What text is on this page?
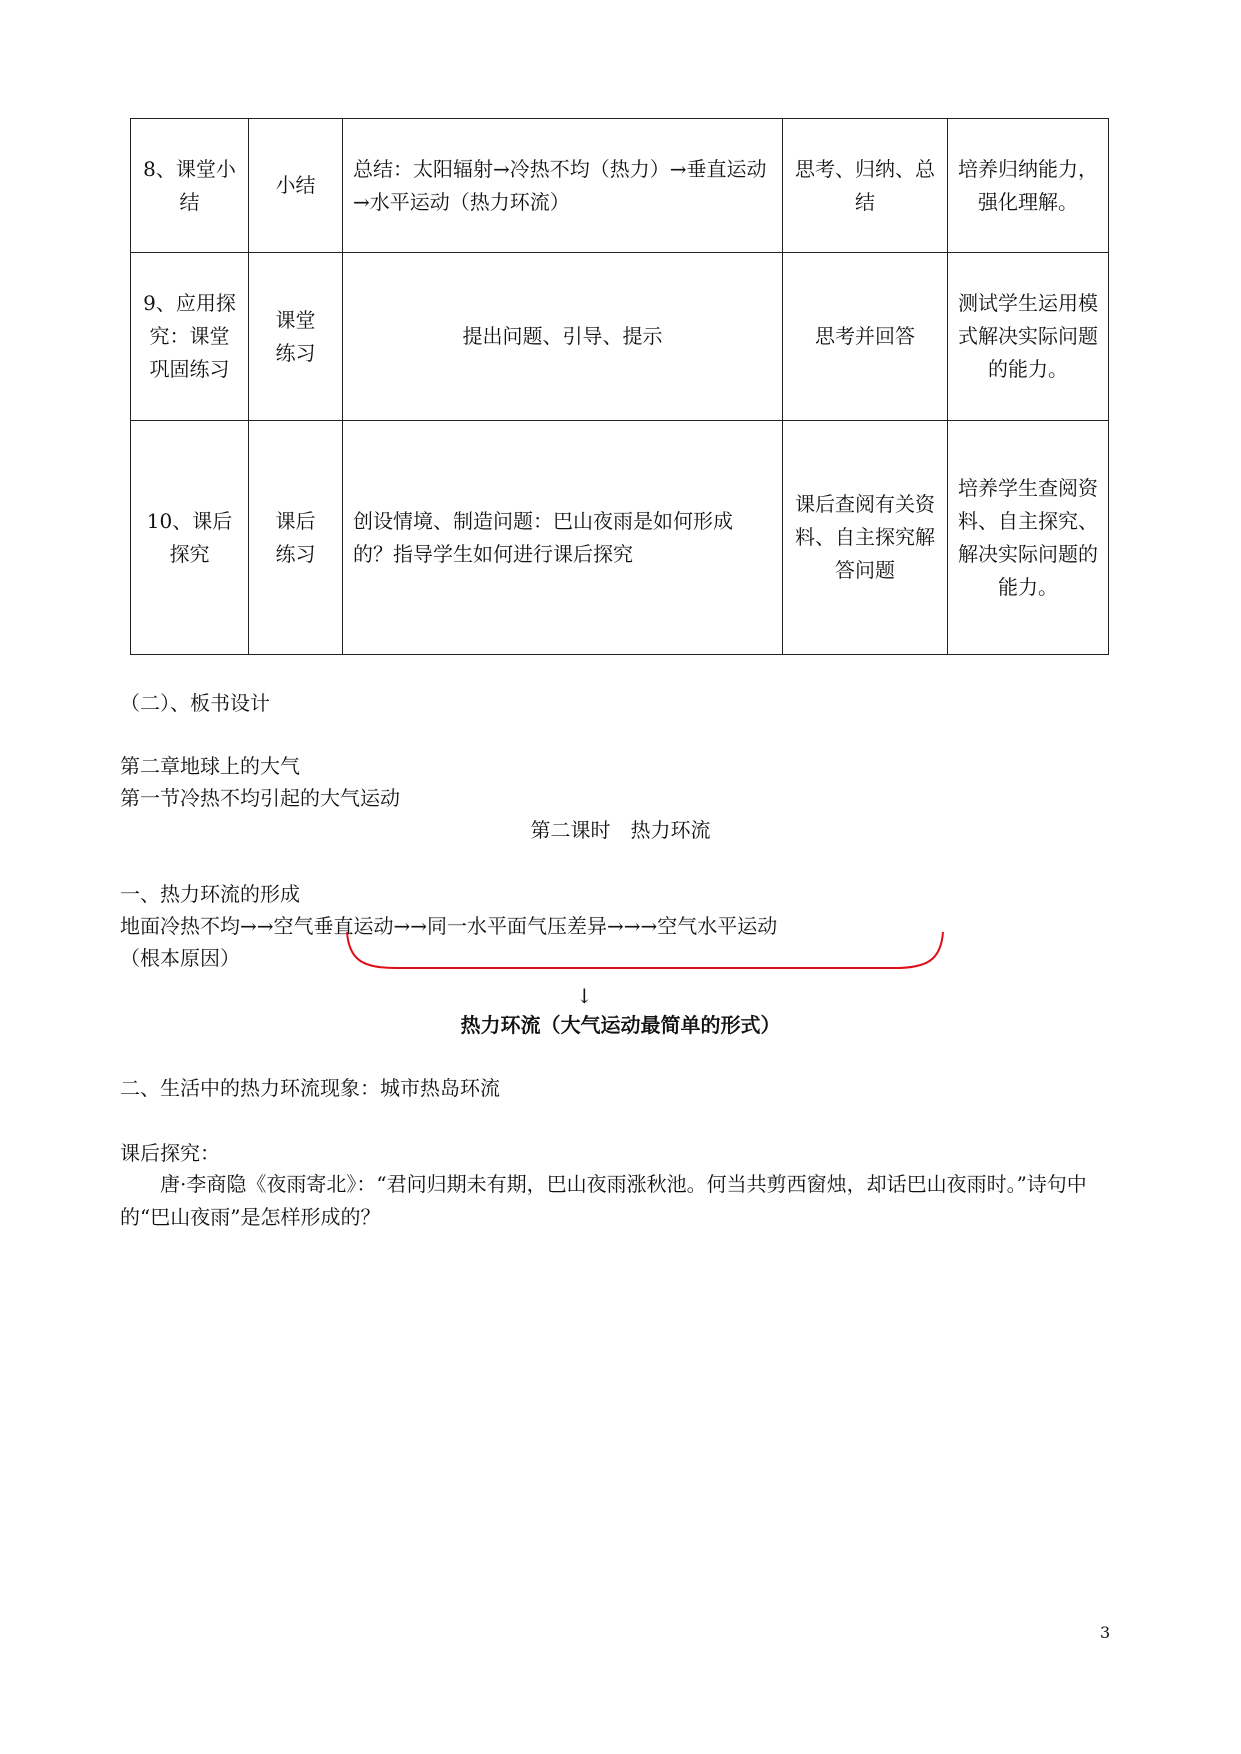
8、课堂小结	小结	总结：太阳辐射→冷热不均（热力）→垂直运动→水平运动（热力环流）	思考、归纳、总结	培养归纳能力，强化理解。
9、应用探究：课堂巩固练习	课堂练习	提出问题、引导、提示	思考并回答	测试学生运用模式解决实际问题的能力。
10、课后探究	课后练习	创设情境、制造问题：巴山夜雨是如何形成的？指导学生如何进行课后探究	课后查阅有关资料、自主探究解答问题	培养学生查阅资料、自主探究、解决实际问题的能力。
（二）、板书设计
第二章地球上的大气
第一节冷热不均引起的大气运动
第二课时　热力环流
一、热力环流的形成
地面冷热不均→→空气垂直运动→→同一水平面气压差异→→→空气水平运动
（根本原因）
↓
热力环流（大气运动最简单的形式）
二、生活中的热力环流现象：城市热岛环流
课后探究：
唐·李商隐《夜雨寄北》：“君问归期未有期，巴山夜雨涨秋池。何当共剪西窗烛，却话巴山夜雨时。”诗句中的“巴山夜雨”是怎样形成的？
3
